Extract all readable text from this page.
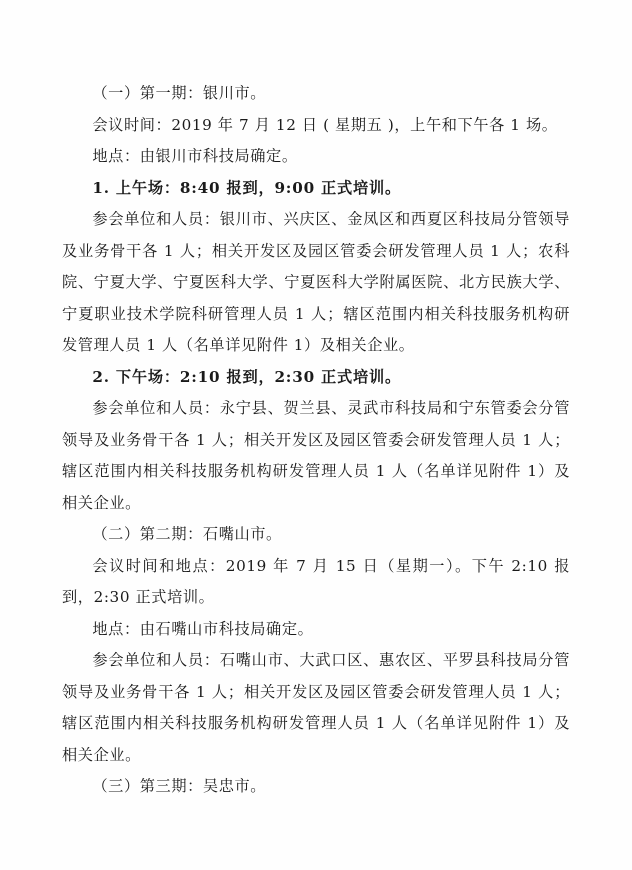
（一）第一期：银川市。

会议时间：2019 年 7 月 12 日 ( 星期五 )，上午和下午各 1 场。

地点：由银川市科技局确定。

1. 上午场：8:40 报到，9:00 正式培训。

参会单位和人员：银川市、兴庆区、金凤区和西夏区科技局分管领导及业务骨干各 1 人；相关开发区及园区管委会研发管理人员 1 人；农科院、宁夏大学、宁夏医科大学、宁夏医科大学附属医院、北方民族大学、宁夏职业技术学院科研管理人员 1 人；辖区范围内相关科技服务机构研发管理人员 1 人（名单详见附件 1）及相关企业。

2. 下午场：2:10 报到，2:30 正式培训。

参会单位和人员：永宁县、贺兰县、灵武市科技局和宁东管委会分管领导及业务骨干各 1 人；相关开发区及园区管委会研发管理人员 1 人；辖区范围内相关科技服务机构研发管理人员 1 人（名单详见附件 1）及相关企业。

（二）第二期：石嘴山市。

会议时间和地点：2019 年 7 月 15 日（星期一）。下午 2:10 报到，2:30 正式培训。

地点：由石嘴山市科技局确定。

参会单位和人员：石嘴山市、大武口区、惠农区、平罗县科技局分管领导及业务骨干各 1 人；相关开发区及园区管委会研发管理人员 1 人；辖区范围内相关科技服务机构研发管理人员 1 人（名单详见附件 1）及相关企业。

（三）第三期：吴忠市。
